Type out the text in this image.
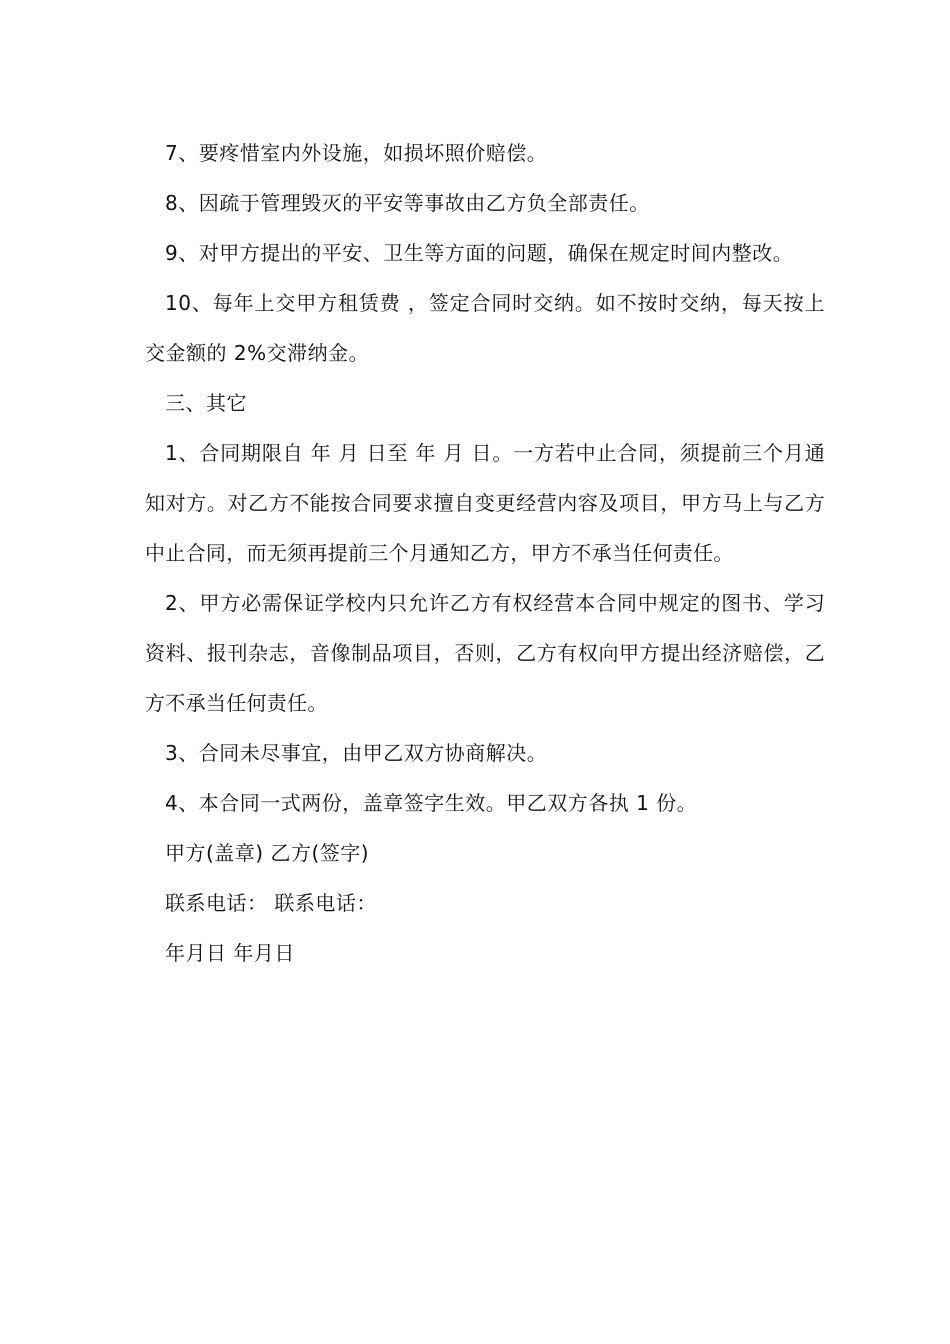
7、要疼惜室内外设施，如损坏照价赔偿。

8、因疏于管理毁灭的平安等事故由乙方负全部责任。

9、对甲方提出的平安、卫生等方面的问题，确保在规定时间内整改。

10、每年上交甲方租赁费 ，签定合同时交纳。如不按时交纳，每天按上交金额的 2%交滞纳金。

三、其它

1、合同期限自 年 月 日至 年 月 日。一方若中止合同，须提前三个月通知对方。对乙方不能按合同要求擅自变更经营内容及项目，甲方马上与乙方中止合同，而无须再提前三个月通知乙方，甲方不承当任何责任。

2、甲方必需保证学校内只允许乙方有权经营本合同中规定的图书、学习资料、报刊杂志，音像制品项目，否则，乙方有权向甲方提出经济赔偿，乙方不承当任何责任。

3、合同未尽事宜，由甲乙双方协商解决。

4、本合同一式两份，盖章签字生效。甲乙双方各执 1 份。

甲方(盖章) 乙方(签字)

联系电话： 联系电话：

年月日 年月日
